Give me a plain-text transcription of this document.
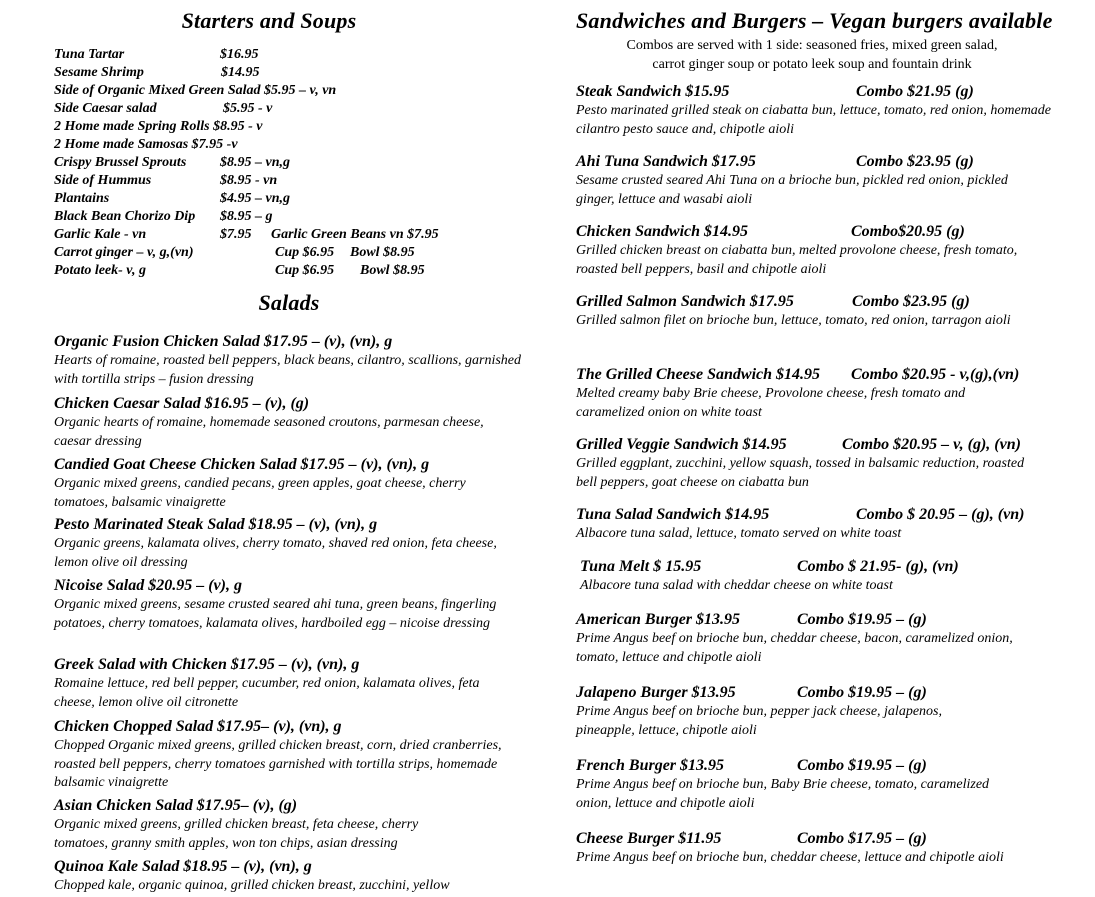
Starters and Soups
Tuna Tartar	$16.95
Sesame Shrimp	$14.95
Side of Organic Mixed Green Salad $5.95 – v, vn
Side Caesar salad	$5.95 - v
2 Home made Spring Rolls $8.95 - v
2 Home made Samosas $7.95 -v
Crispy Brussel Sprouts $8.95 – vn,g
Side of Hummus	$8.95 - vn
Plantains	$4.95 – vn,g
Black Bean Chorizo Dip $8.95 – g
Garlic Kale - vn	$7.95 Garlic Green Beans vn $7.95
Carrot ginger – v, g,(vn)	Cup $6.95 Bowl $8.95
Potato leek- v, g	Cup $6.95 Bowl $8.95
Salads
Organic Fusion Chicken Salad $17.95 – (v), (vn), g
Hearts of romaine, roasted bell peppers, black beans, cilantro, scallions, garnished with tortilla strips – fusion dressing
Chicken Caesar Salad $16.95 – (v), (g)
Organic hearts of romaine, homemade seasoned croutons, parmesan cheese, caesar dressing
Candied Goat Cheese Chicken Salad $17.95 – (v), (vn), g
Organic mixed greens, candied pecans, green apples, goat cheese, cherry tomatoes, balsamic vinaigrette
Pesto Marinated Steak Salad $18.95 – (v), (vn), g
Organic greens, kalamata olives, cherry tomato, shaved red onion, feta cheese, lemon olive oil dressing
Nicoise Salad $20.95 – (v), g
Organic mixed greens, sesame crusted seared ahi tuna, green beans, fingerling potatoes, cherry tomatoes, kalamata olives, hardboiled egg – nicoise dressing
Greek Salad with Chicken $17.95 – (v), (vn), g
Romaine lettuce, red bell pepper, cucumber, red onion, kalamata olives, feta cheese, lemon olive oil citronette
Chicken Chopped Salad $17.95– (v), (vn), g
Chopped Organic mixed greens, grilled chicken breast, corn, dried cranberries, roasted bell peppers, cherry tomatoes garnished with tortilla strips, homemade balsamic vinaigrette
Asian Chicken Salad $17.95– (v), (g)
Organic mixed greens, grilled chicken breast, feta cheese, cherry tomatoes, granny smith apples, won ton chips, asian dressing
Quinoa Kale Salad $18.95 – (v), (vn), g
Chopped kale, organic quinoa, grilled chicken breast, zucchini, yellow
Sandwiches and Burgers – Vegan burgers available
Combos are served with 1 side: seasoned fries, mixed green salad,
carrot ginger soup or potato leek soup and fountain drink
Steak Sandwich $15.95	Combo $21.95 (g)
Pesto marinated grilled steak on ciabatta bun, lettuce, tomato, red onion, homemade cilantro pesto sauce and, chipotle aioli
Ahi Tuna Sandwich $17.95	Combo $23.95 (g)
Sesame crusted seared Ahi Tuna on a brioche bun, pickled red onion, pickled ginger, lettuce and wasabi aioli
Chicken Sandwich $14.95	Combo$20.95 (g)
Grilled chicken breast on ciabatta bun, melted provolone cheese, fresh tomato, roasted bell peppers, basil and chipotle aioli
Grilled Salmon Sandwich $17.95	Combo $23.95 (g)
Grilled salmon filet on brioche bun, lettuce, tomato, red onion, tarragon aioli
The Grilled Cheese Sandwich $14.95	Combo $20.95 - v,(g),(vn)
Melted creamy baby Brie cheese, Provolone cheese, fresh tomato and caramelized onion on white toast
Grilled Veggie Sandwich $14.95	Combo $20.95 – v, (g), (vn)
Grilled eggplant, zucchini, yellow squash, tossed in balsamic reduction, roasted bell peppers, goat cheese on ciabatta bun
Tuna Salad Sandwich $14.95	Combo $ 20.95 – (g), (vn)
Albacore tuna salad, lettuce, tomato served on white toast
Tuna Melt $ 15.95	Combo $ 21.95- (g), (vn)
Albacore tuna salad with cheddar cheese on white toast
American Burger $13.95	Combo $19.95 – (g)
Prime Angus beef on brioche bun, cheddar cheese, bacon, caramelized onion, tomato, lettuce and chipotle aioli
Jalapeno Burger $13.95	Combo $19.95 – (g)
Prime Angus beef on brioche bun, pepper jack cheese, jalapenos, pineapple, lettuce, chipotle aioli
French Burger $13.95	Combo $19.95 – (g)
Prime Angus beef on brioche bun, Baby Brie cheese, tomato, caramelized onion, lettuce and chipotle aioli
Cheese Burger $11.95	Combo $17.95 – (g)
Prime Angus beef on brioche bun, cheddar cheese, lettuce and chipotle aioli
